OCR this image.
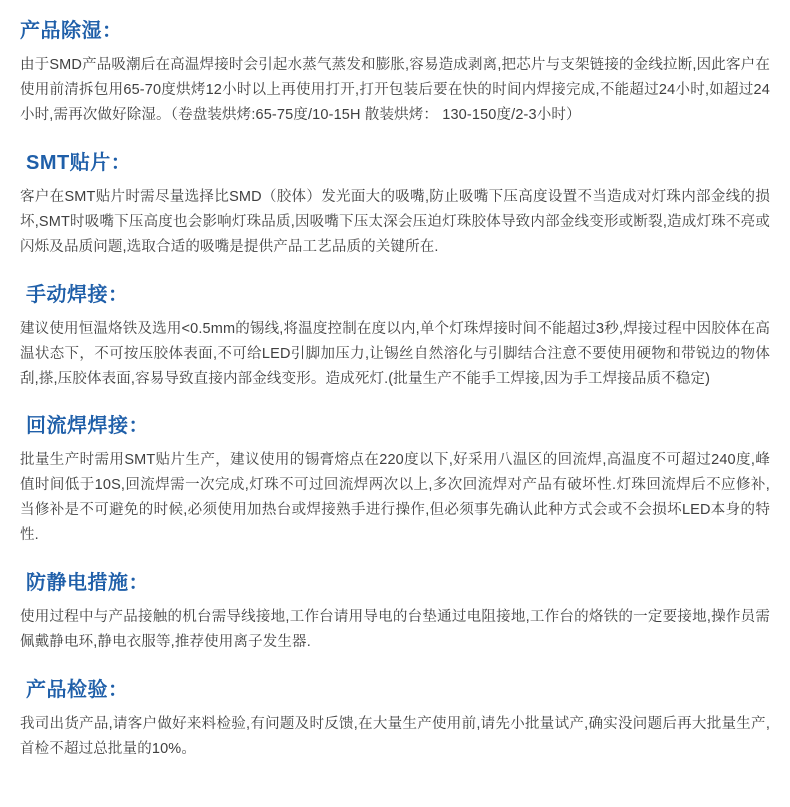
产品除湿：

由于SMD产品吸潮后在高温焊接时会引起水蒸气蒸发和膨胀,容易造成剥离,把芯片与支架链接的金线拉断,因此客户在使用前清拆包用65-70度烘烤12小时以上再使用打开,打开包装后要在快的时间内焊接完成,不能超过24小时,如超过24小时,需再次做好除湿。（卷盘装烘烤:65-75度/10-15H 散装烘烤： 130-150度/2-3小时）

SMT贴片：

客户在SMT贴片时需尽量选择比SMD（胶体）发光面大的吸嘴,防止吸嘴下压高度设置不当造成对灯珠内部金线的损坏,SMT时吸嘴下压高度也会影响灯珠品质,因吸嘴下压太深会压迫灯珠胶体导致内部金线变形或断裂,造成灯珠不亮或闪烁及品质问题,选取合适的吸嘴是提供产品工艺品质的关键所在.

手动焊接：

建议使用恒温烙铁及选用<0.5mm的锡线,将温度控制在度以内,单个灯珠焊接时间不能超过3秒,焊接过程中因胶体在高温状态下，不可按压胶体表面,不可给LED引脚加压力,让锡丝自然溶化与引脚结合注意不要使用硬物和带锐边的物体刮,搽,压胶体表面,容易导致直接内部金线变形。造成死灯.(批量生产不能手工焊接,因为手工焊接品质不稳定)

回流焊焊接：

批量生产时需用SMT贴片生产，建议使用的锡膏熔点在220度以下,好采用八温区的回流焊,高温度不可超过240度,峰值时间低于10S,回流焊需一次完成,灯珠不可过回流焊两次以上,多次回流焊对产品有破坏性.灯珠回流焊后不应修补,当修补是不可避免的时候,必须使用加热台或焊接熟手进行操作,但必须事先确认此种方式会或不会损坏LED本身的特性.

防静电措施：

使用过程中与产品接触的机台需导线接地,工作台请用导电的台垫通过电阻接地,工作台的烙铁的一定要接地,操作员需佩戴静电环,静电衣服等,推荐使用离子发生器.

产品检验：

我司出货产品,请客户做好来料检验,有问题及时反馈,在大量生产使用前,请先小批量试产,确实没问题后再大批量生产,首检不超过总批量的10%。
